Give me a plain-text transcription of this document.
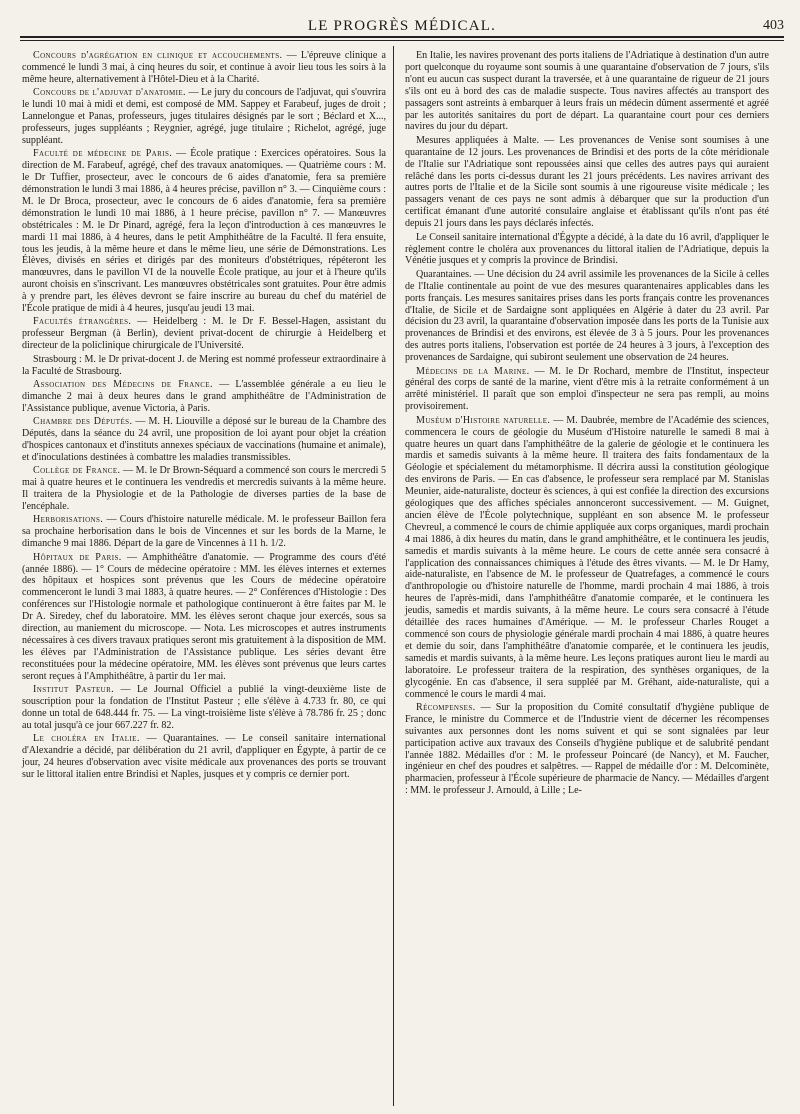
LE PROGRÈS MÉDICAL.	403

Concours d'agrégation en clinique et accouchements. — L'épreuve clinique a commencé le lundi 3 mai, à cinq heures du soir, et continue à avoir lieu tous les soirs à la même heure, alternativement à l'Hôtel-Dieu et à la Charité.

Concours de l'adjuvat d'anatomie. — Le jury du concours de l'adjuvat, qui s'ouvrira le lundi 10 mai à midi et demi, est composé de MM. Sappey et Farabeuf, juges de droit ; Lannelongue et Panas, professeurs, juges titulaires désignés par le sort ; Béclard et X..., professeurs, juges suppléants ; Reygnier, agrégé, juge titulaire ; Richelot, agrégé, juge suppléant.

Faculté de médecine de Paris. — École pratique : Exercices opératoires. Sous la direction de M. Farabeuf, agrégé, chef des travaux anatomiques. — Quatrième cours : M. le Dr Tuffier, prosecteur, avec le concours de 6 aides d'anatomie, fera sa première démonstration le lundi 3 mai 1886, à 4 heures précise, pavillon n° 3. — Cinquième cours : M. le Dr Broca, prosecteur, avec le concours de 6 aides d'anatomie, fera sa première démonstration le lundi 10 mai 1886, à 1 heure précise, pavillon n° 7. — Manœuvres obstétricales : M. le Dr Pinard, agrégé, fera la leçon d'introduction à ces manœuvres le mardi 11 mai 1886, à 4 heures, dans le petit Amphithéâtre de la Faculté. Il fera ensuite, tous les jeudis, à la même heure et dans le même lieu, une série de Démonstrations. Les Élèves, divisés en séries et dirigés par des moniteurs d'obstétriques, répéteront les manœuvres, dans le pavillon VI de la nouvelle École pratique, au jour et à l'heure qu'ils auront choisis en s'inscrivant. Les manœuvres obstétricales sont gratuites. Pour être admis à y prendre part, les élèves devront se faire inscrire au bureau du chef du matériel de l'École pratique de midi à 4 heures, jusqu'au jeudi 13 mai.

Facultés étrangères. — Heidelberg : M. le Dr F. Bessel-Hagen, assistant du professeur Bergman (à Berlin), devient privat-docent de chirurgie à Heidelberg et directeur de la policlinique chirurgicale de l'Université.

Strasbourg : M. le Dr privat-docent J. de Mering est nommé professeur extraordinaire à la Faculté de Strasbourg.

Association des Médecins de France. — L'assemblée générale a eu lieu le dimanche 2 mai à deux heures dans le grand amphithéâtre de l'Administration de l'Assistance publique, avenue Victoria, à Paris.

Chambre des Députés. — M. H. Liouville a déposé sur le bureau de la Chambre des Députés, dans la séance du 24 avril, une proposition de loi ayant pour objet la création d'hospices cantonaux et d'instituts annexes spéciaux de vaccinations (humaine et animale), et d'inoculations destinées à combattre les maladies transmissibles.

Collège de France. — M. le Dr Brown-Séquard a commencé son cours le mercredi 5 mai à quatre heures et le continuera les vendredis et mercredis suivants à la même heure. Il traitera de la Physiologie et de la Pathologie de diverses parties de la base de l'encéphale.

Herborisations. — Cours d'histoire naturelle médicale. M. le professeur Baillon fera sa prochaine herborisation dans le bois de Vincennes et sur les bords de la Marne, le dimanche 9 mai 1886. Départ de la gare de Vincennes à 11 h. 1/2.

Hôpitaux de Paris. — Amphithéâtre d'anatomie. — Programme des cours d'été (année 1886). — 1° Cours de médecine opératoire : MM. les élèves internes et externes des hôpitaux et hospices sont prévenus que les Cours de médecine opératoire commenceront le lundi 3 mai 1883, à quatre heures. — 2° Conférences d'Histologie : Des conférences sur l'Histologie normale et pathologique continueront à être faites par M. le Dr A. Siredey, chef du laboratoire. MM. les élèves seront chaque jour exercés, sous sa direction, au maniement du microscope. — Nota. Les microscopes et autres instruments nécessaires à ces divers travaux pratiques seront mis gratuitement à la disposition de MM. les élèves par l'Administration de l'Assistance publique. Les séries devant être reconstituées pour la médecine opératoire, MM. les élèves sont prévenus que leurs cartes seront reçues à l'Amphithéâtre, à partir du 1er mai.

Institut Pasteur. — Le Journal Officiel a publié la vingt-deuxième liste de souscription pour la fondation de l'Institut Pasteur ; elle s'élève à 4.733 fr. 80, ce qui donne un total de 648.444 fr. 75. — La vingt-troisième liste s'élève à 78.786 fr. 25 ; donc au total jusqu'à ce jour 667.227 fr. 82.

Le choléra en Italie. — Quarantaines. — Le conseil sanitaire international d'Alexandrie a décidé, par délibération du 21 avril, d'appliquer en Égypte, à partir de ce jour, 24 heures d'observation avec visite médicale aux provenances des ports se trouvant sur le littoral italien entre Brindisi et Naples, jusques et y compris ce dernier port.

En Italie, les navires provenant des ports italiens de l'Adriatique à destination d'un autre port quelconque du royaume sont soumis à une quarantaine d'observation de 7 jours, s'ils n'ont eu aucun cas suspect durant la traversée, et à une quarantaine de rigueur de 21 jours s'ils ont eu à bord des cas de maladie suspecte. Tous navires affectés au transport des passagers sont astreints à embarquer à leurs frais un médecin dûment assermenté et agréé par les autorités sanitaires du port de départ. La quarantaine court pour ces derniers navires du jour du départ.

Mesures appliquées à Malte. — Les provenances de Venise sont soumises à une quarantaine de 12 jours. Les provenances de Brindisi et des ports de la côte méridionale de l'Italie sur l'Adriatique sont repoussées ainsi que celles des autres pays qui auraient relâché dans les ports ci-dessus durant les 21 jours précédents. Les navires arrivant des autres ports de l'Italie et de la Sicile sont soumis à une rigoureuse visite médicale ; les passagers venant de ces pays ne sont admis à débarquer que sur la production d'un certificat émanant d'une autorité consulaire anglaise et établissant qu'ils n'ont pas été depuis 21 jours dans les pays déclarés infectés.

Le Conseil sanitaire international d'Égypte a décidé, à la date du 16 avril, d'appliquer le règlement contre le choléra aux provenances du littoral italien de l'Adriatique, depuis la Vénétie jusques et y compris la province de Brindisi.

Quarantaines. — Une décision du 24 avril assimile les provenances de la Sicile à celles de l'Italie continentale au point de vue des mesures quarantenaires applicables dans les ports français. Les mesures sanitaires prises dans les ports français contre les provenances d'Italie, de Sicile et de Sardaigne sont appliquées en Algérie à dater du 23 avril. Par décision du 23 avril, la quarantaine d'observation imposée dans les ports de la Tunisie aux provenances de Brindisi et des environs, est élevée de 3 à 5 jours. Pour les provenances des autres ports italiens, l'observation est portée de 24 heures à 3 jours, à l'exception des provenances de Sardaigne, qui subiront seulement une observation de 24 heures.

Médecins de la Marine. — M. le Dr Rochard, membre de l'Institut, inspecteur général des corps de santé de la marine, vient d'être mis à la retraite conformément à un arrêté ministériel. Il paraît que son emploi d'inspecteur ne sera pas rempli, au moins provisoirement.

Muséum d'Histoire naturelle. — M. Daubrée, membre de l'Académie des sciences, commencera le cours de géologie du Muséum d'Histoire naturelle le samedi 8 mai à quatre heures un quart dans l'amphithéâtre de la galerie de géologie et le continuera les mardis et samedis suivants à la même heure. Il traitera des faits fondamentaux de la Géologie et spécialement du métamorphisme. Il décrira aussi la constitution géologique des environs de Paris. — En cas d'absence, le professeur sera remplacé par M. Stanislas Meunier, aide-naturaliste, docteur ès sciences, à qui est confiée la direction des excursions géologiques que des affiches spéciales annonceront successivement. — M. Guignet, ancien élève de l'École polytechnique, suppléant en son absence M. le professeur Chevreul, a commencé le cours de chimie appliquée aux corps organiques, mardi prochain 4 mai 1886, à dix heures du matin, dans le grand amphithéâtre, et le continuera les jeudis, samedis et mardis suivants à la même heure. Le cours de cette année sera consacré à l'application des connaissances chimiques à l'étude des êtres vivants. — M. le Dr Hamy, aide-naturaliste, en l'absence de M. le professeur de Quatrefages, a commencé le cours d'anthropologie ou d'histoire naturelle de l'homme, mardi prochain 4 mai 1886, à trois heures de l'après-midi, dans l'amphithéâtre d'anatomie comparée, et le continuera les jeudis, samedis et mardis suivants, à la même heure. Le cours sera consacré à l'étude détaillée des races humaines d'Amérique. — M. le professeur Charles Rouget a commencé son cours de physiologie générale mardi prochain 4 mai 1886, à quatre heures et demie du soir, dans l'amphithéâtre d'anatomie comparée, et le continuera les jeudis, samedis et mardis suivants, à la même heure. Les leçons pratiques auront lieu le mardi au laboratoire. Le professeur traitera de la respiration, des synthèses organiques, de la glycogénie. En cas d'absence, il sera suppléé par M. Gréhant, aide-naturaliste, qui a commencé le cours le mardi 4 mai.

Récompenses. — Sur la proposition du Comité consultatif d'hygiène publique de France, le ministre du Commerce et de l'Industrie vient de décerner les récompenses suivantes aux personnes dont les noms suivent et qui se sont signalées par leur participation active aux travaux des Conseils d'hygiène publique et de salubrité pendant l'année 1882. Médailles d'or : M. le professeur Poincaré (de Nancy), et M. Faucher, ingénieur en chef des poudres et salpêtres. — Rappel de médaille d'or : M. Delcominète, pharmacien, professeur à l'École supérieure de pharmacie de Nancy. — Médailles d'argent : MM. le professeur J. Arnould, à Lille ; Le-
